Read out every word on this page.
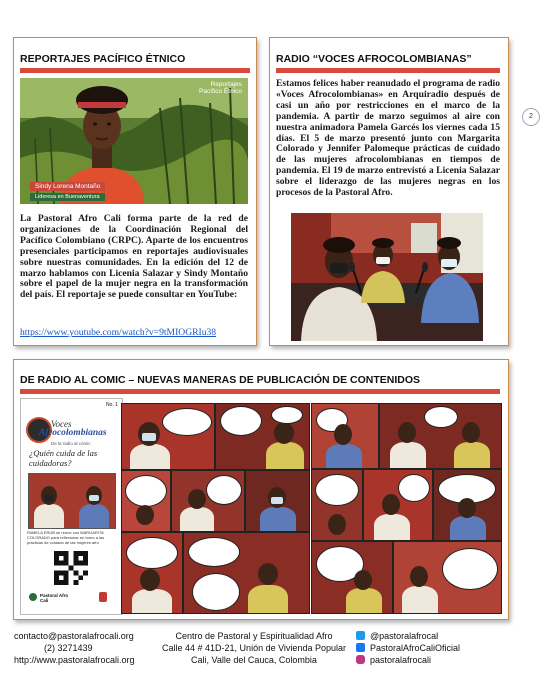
2
REPORTAJES PACÍFICO ÉTNICO
Reportajes
Pacífico Étnico
Sindy Lorena Montaño
Lideresa en Buenaventura
La Pastoral Afro Cali forma parte de la red de organizaciones de la Coordinación Regional del Pacífico Colombiano (CRPC). Aparte de los encuentros presenciales participamos en reportajes audiovisuales sobre nuestras comunidades. En la edición del 12 de marzo hablamos con Licenia Salazar y Sindy Montaño sobre el papel de la mujer negra en la transformación del país. El reportaje se puede consultar en YouTube:
https://www.youtube.com/watch?v=9tMIOGRIu38
RADIO “VOCES AFROCOLOMBIANAS”
Estamos felices haber reanudado el programa de radio «Voces Afrocolombianas» en Arquiradio después de casi un año por restricciones en el marco de la pandemia. A partir de marzo seguimos al aire con nuestra animadora Pamela Garcés los viernes cada 15 días. El 5 de marzo presentó junto con Margarita Colorado y Jennifer Palomeque prácticas de cuidado de las mujeres afrocolombianas en tiempos de pandemia. El 19 de marzo entrevistó a Licenia Salazar sobre el liderazgo de las mujeres negras en los procesos de la Pastoral Afro.
DE RADIO AL COMIC – NUEVAS MANERAS DE PUBLICACIÓN DE CONTENIDOS
No. 1
Voces
Afrocolombianas
De la radio al cómic
¿Quién cuida de las cuidadoras?
PAMELA ERUB se reúne con MARGARITA COLORADO para reflexionar en torno a las prácticas de cuidado de las mujeres afro
Pastoral Afro Cali
contacto@pastoralafrocali.org
(2) 3271439
http://www.pastoralafrocali.org
Centro de Pastoral y Espiritualidad Afro
Calle 44 # 41D-21, Unión de Vivienda Popular
Cali, Valle del Cauca, Colombia
@pastoralafrocal
PastoralAfroCaliOficial
pastoralafrocali
